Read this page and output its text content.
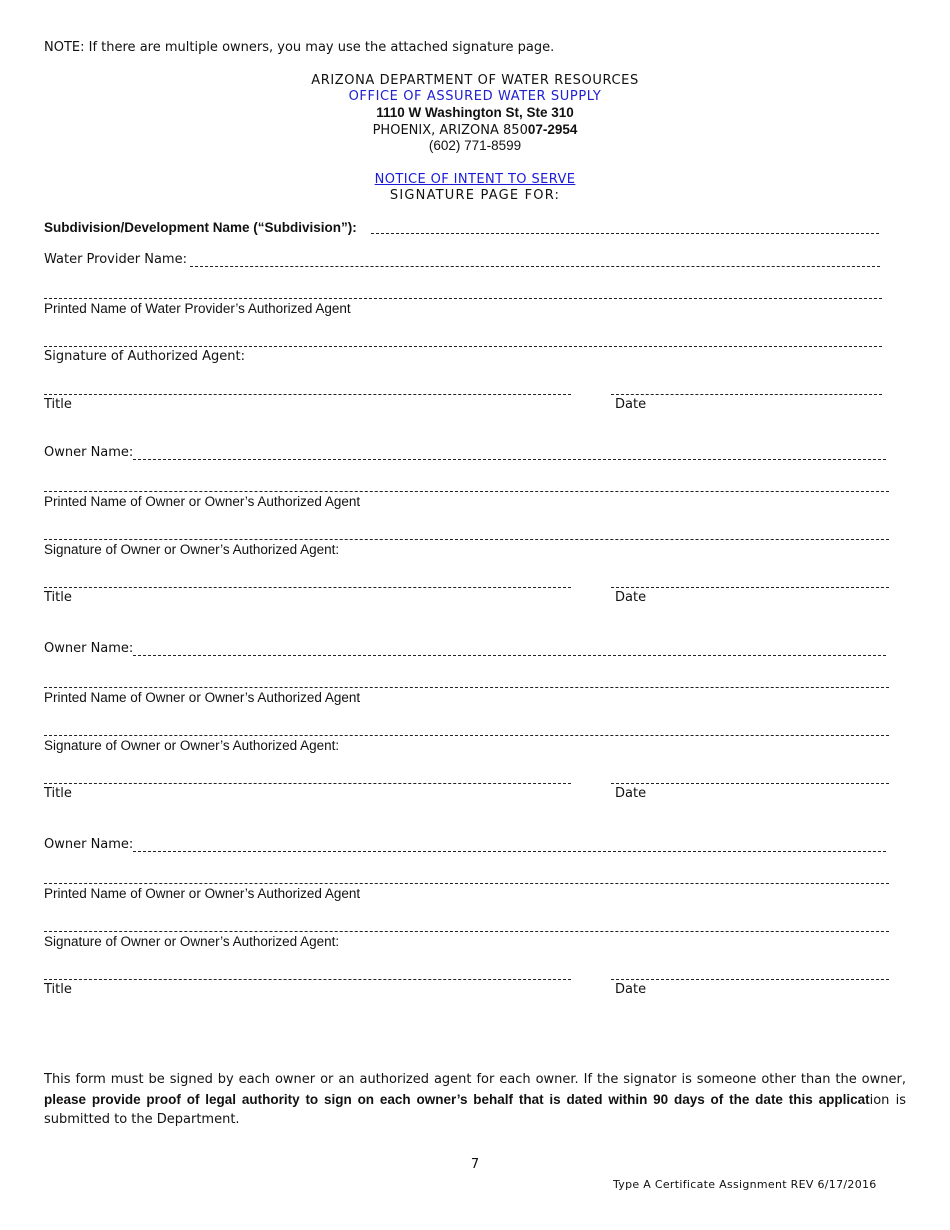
NOTE: If there are multiple owners, you may use the attached signature page.
ARIZONA DEPARTMENT OF WATER RESOURCES
OFFICE OF ASSURED WATER SUPPLY
1110 W Washington St, Ste 310
PHOENIX, ARIZONA 85007-2954
(602) 771-8599
NOTICE OF INTENT TO SERVE
SIGNATURE PAGE FOR:
Subdivision/Development Name (“Subdivision”):
Water Provider Name:
Printed Name of Water Provider’s Authorized Agent
Signature of Authorized Agent:
Title	Date
Owner Name:
Printed Name of Owner or Owner’s Authorized Agent
Signature of Owner or Owner’s Authorized Agent:
Title	Date
Owner Name:
Printed Name of Owner or Owner’s Authorized Agent
Signature of Owner or Owner’s Authorized Agent:
Title	Date
Owner Name:
Printed Name of Owner or Owner’s Authorized Agent
Signature of Owner or Owner’s Authorized Agent:
Title	Date
This form must be signed by each owner or an authorized agent for each owner. If the signator is someone other than the owner, please provide proof of legal authority to sign on each owner’s behalf that is dated within 90 days of the date this application is submitted to the Department.
7
Type A Certificate Assignment REV 6/17/2016
